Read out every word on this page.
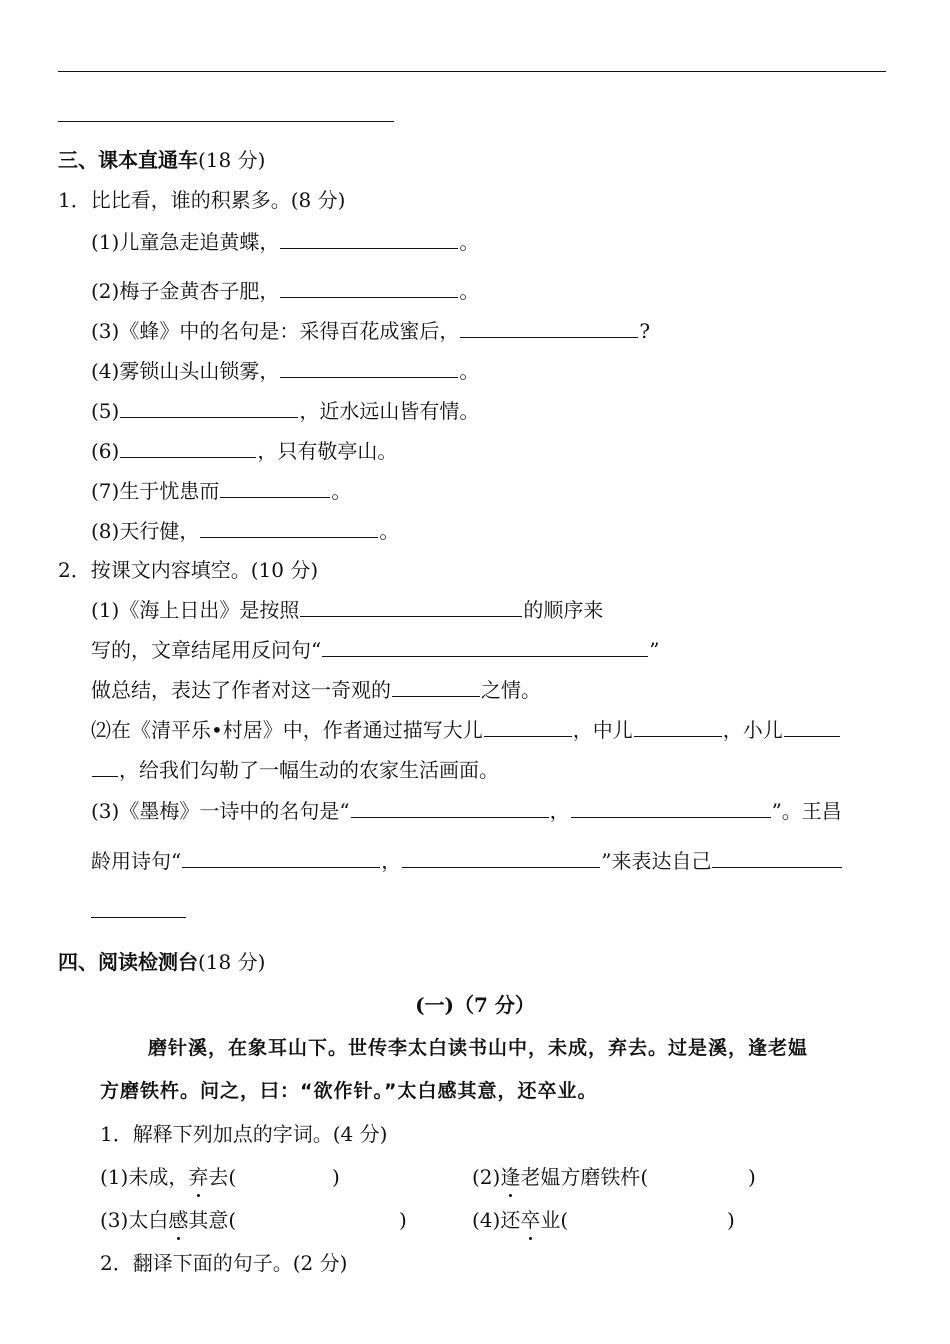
三、课本直通车(18 分)
1．比比看，谁的积累多。(8 分)
(1)儿童急走追黄蝶，	。
(2)梅子金黄杏子肥，	。
(3)《蜂》中的名句是：采得百花成蜜后，	?
(4)雾锁山头山锁雾，	。
(5)	，近水远山皆有情。
(6)	，只有敬亭山。
(7)生于忧患而	。
(8)天行健，	。
2．按课文内容填空。(10 分)
(1)《海上日出》是按照	的顺序来
写的，文章结尾用反问句“	”
做总结，表达了作者对这一奇观的	之情。
⑵在《清平乐•村居》中，作者通过描写大儿	，中儿	，小儿
，给我们勾勒了一幅生动的农家生活画面。
(3)《墨梅》一诗中的名句是“	，	”。王昌
龄用诗句“	，	”来表达自己
四、阅读检测台(18 分)
(一)（7 分）
磨针溪，在象耳山下。世传李太白读书山中，未成，弃去。过是溪，逢老媪
方磨铁杵。问之，曰：“欲作针。”太白感其意，还卒业。
1．解释下列加点的字词。(4 分)
(1)未成，弃去(	)	(2)逢老媪方磨铁杵(	)
(3)太白感其意(	)	(4)还卒业(	)
2．翻译下面的句子。(2 分)
